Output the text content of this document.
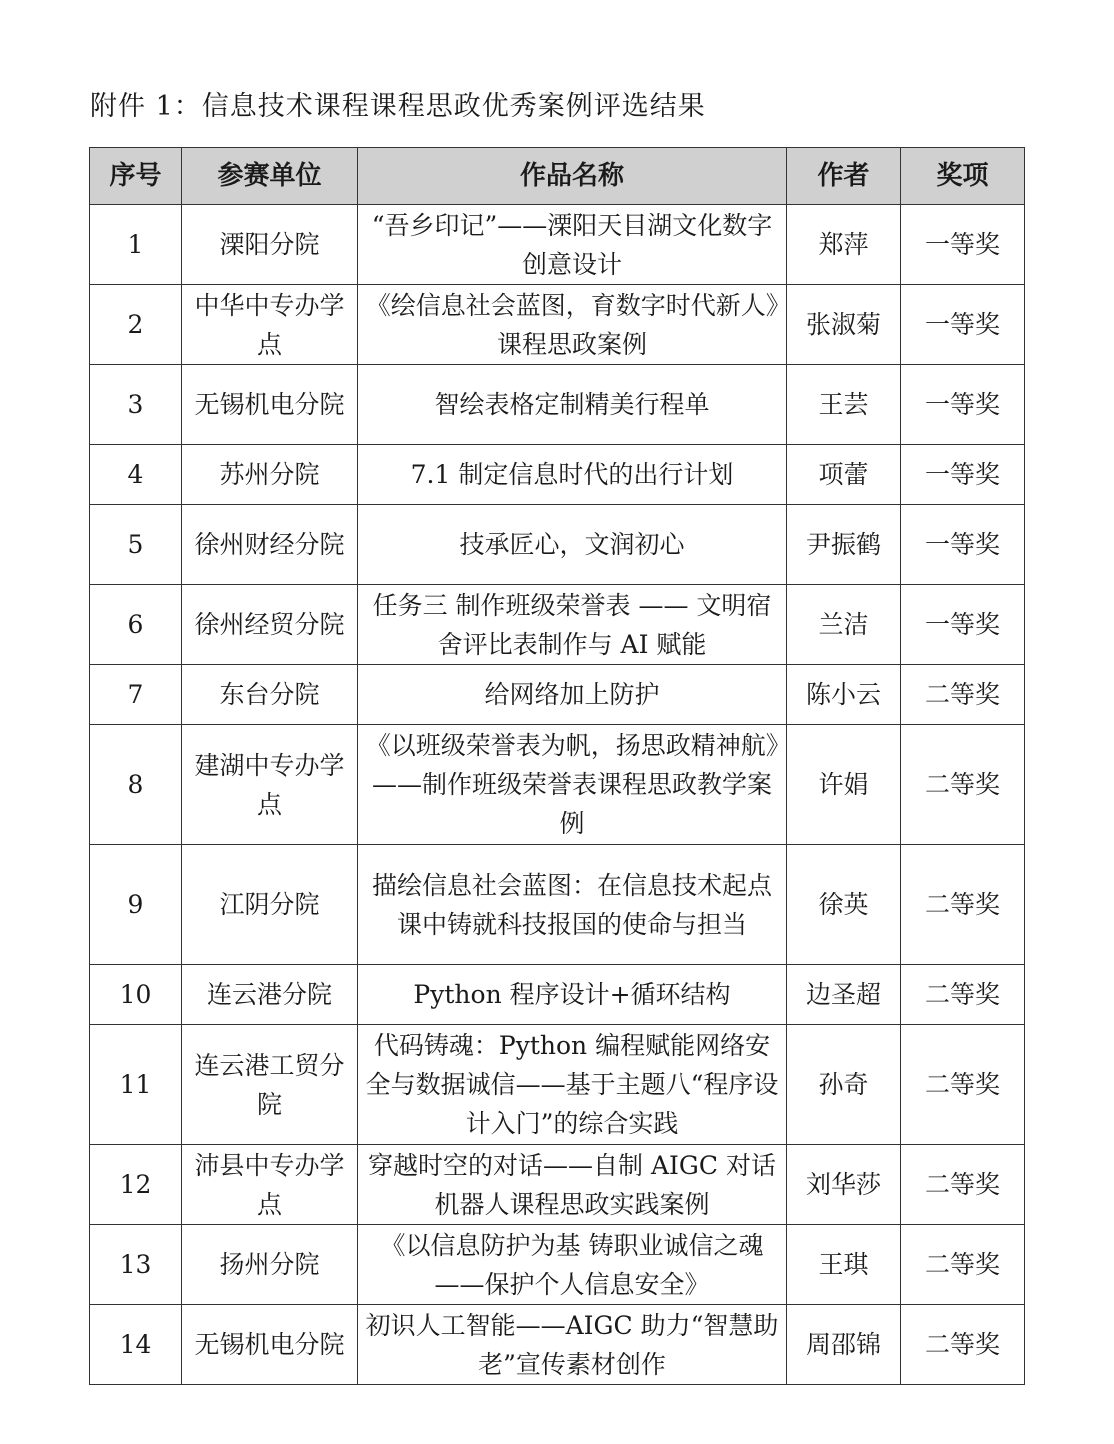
附件 1：信息技术课程课程思政优秀案例评选结果
序号	参赛单位	作品名称	作者	奖项
1	溧阳分院	“吾乡印记”——溧阳天目湖文化数字创意设计	郑萍	一等奖
2	中华中专办学点	《绘信息社会蓝图，育数字时代新人》课程思政案例	张淑菊	一等奖
3	无锡机电分院	智绘表格定制精美行程单	王芸	一等奖
4	苏州分院	7.1 制定信息时代的出行计划	项蕾	一等奖
5	徐州财经分院	技承匠心，文润初心	尹振鹤	一等奖
6	徐州经贸分院	任务三 制作班级荣誉表 —— 文明宿舍评比表制作与 AI 赋能	兰洁	一等奖
7	东台分院	给网络加上防护	陈小云	二等奖
8	建湖中专办学点	《以班级荣誉表为帆，扬思政精神航》——制作班级荣誉表课程思政教学案例	许娟	二等奖
9	江阴分院	描绘信息社会蓝图：在信息技术起点课中铸就科技报国的使命与担当	徐英	二等奖
10	连云港分院	Python 程序设计+循环结构	边圣超	二等奖
11	连云港工贸分院	代码铸魂：Python 编程赋能网络安全与数据诚信——基于主题八“程序设计入门”的综合实践	孙奇	二等奖
12	沛县中专办学点	穿越时空的对话——自制 AIGC 对话机器人课程思政实践案例	刘华莎	二等奖
13	扬州分院	《以信息防护为基 铸职业诚信之魂——保护个人信息安全》	王琪	二等奖
14	无锡机电分院	初识人工智能——AIGC 助力“智慧助老”宣传素材创作	周邵锦	二等奖
